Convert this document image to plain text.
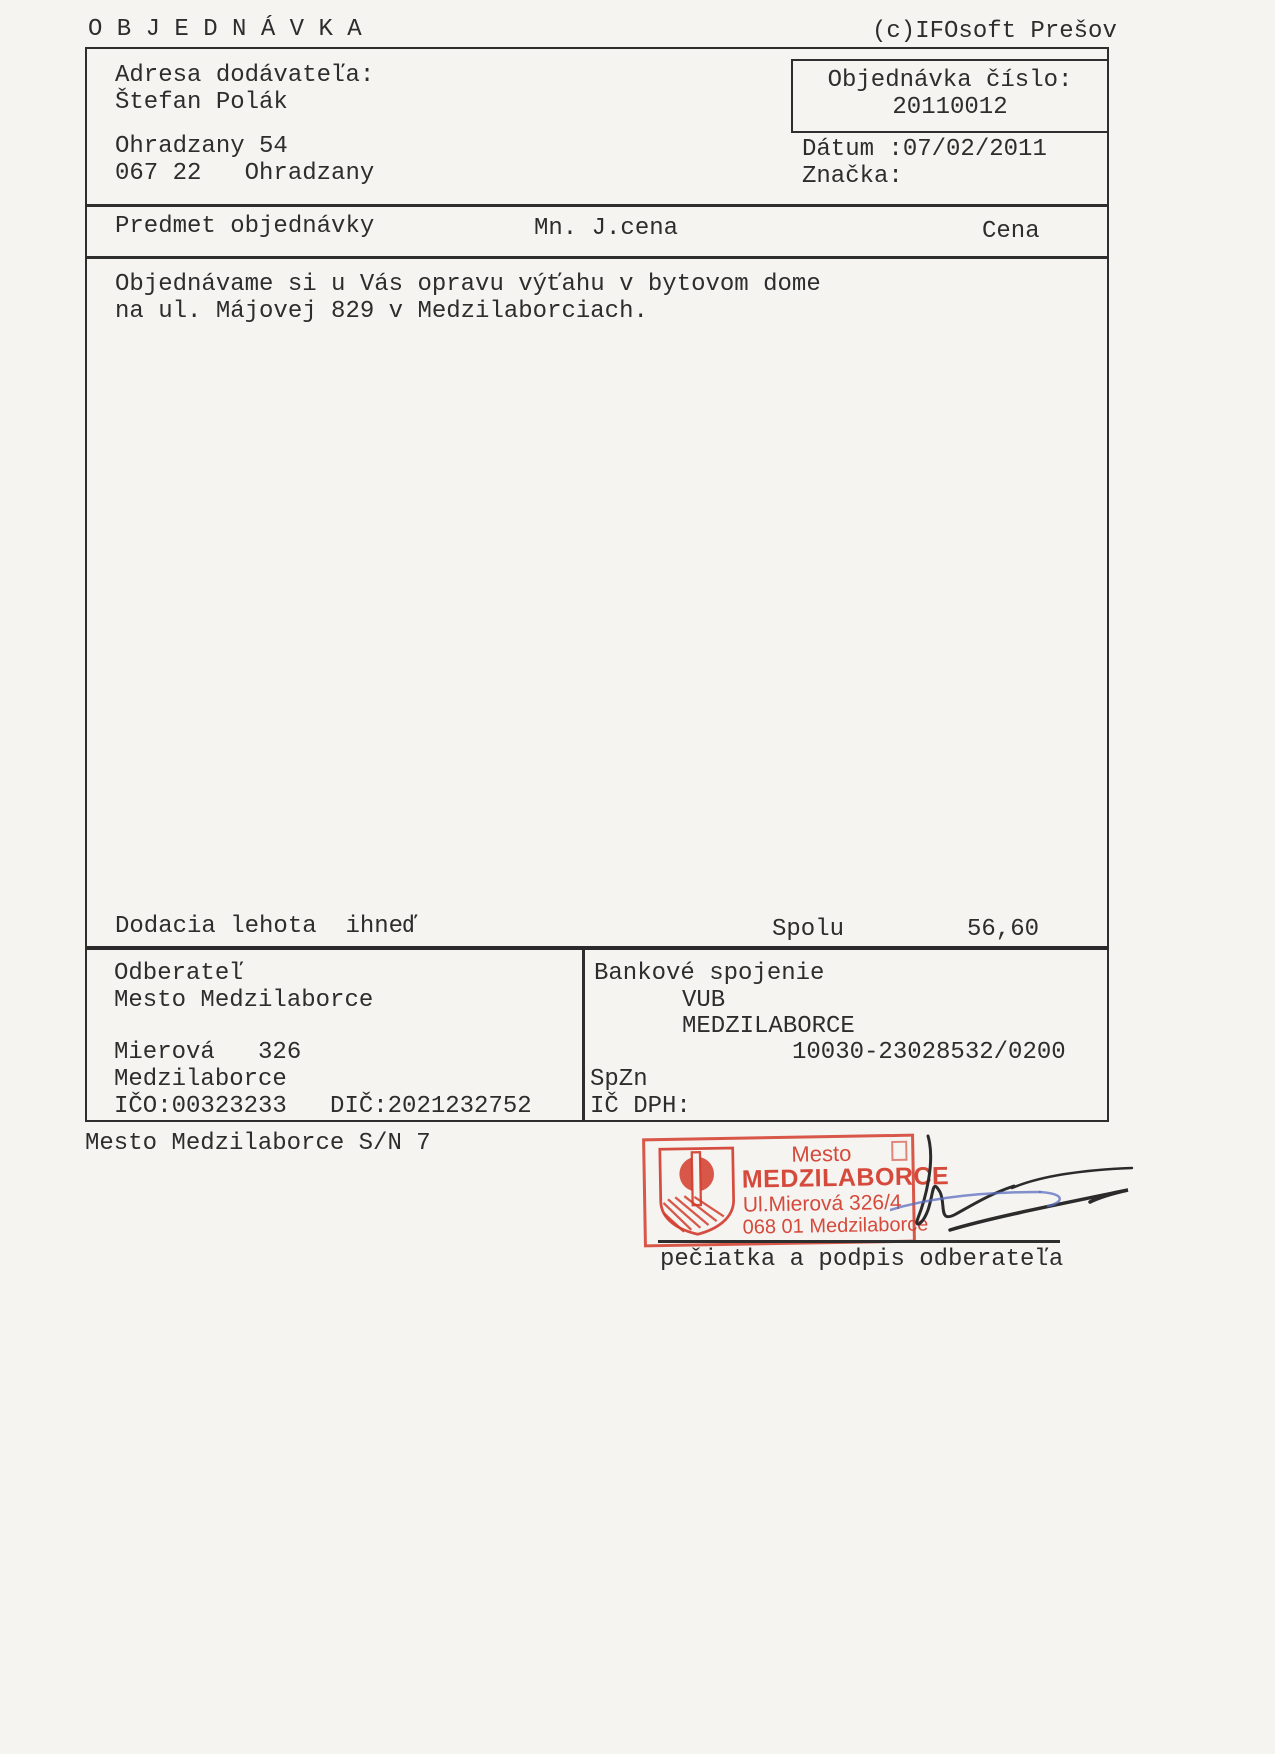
O B J E D N Á V K A	(c)IFOsoft Prešov
Adresa dodávateľa:
Štefan Polák
Ohradzany 54
067 22   Ohradzany
Objednávka číslo:
20110012
Dátum :07/02/2011
Značka:
Predmet objednávky	Mn. J.cena	Cena
Objednávame si u Vás opravu výťahu v bytovom dome
na ul. Májovej 829 v Medzilaborciach.
Dodacia lehota  ihneď	Spolu	56,60
Odberateľ
Mesto Medzilaborce
Mierová   326
Medzilaborce
IČO:00323233   DIČ:2021232752
Bankové spojenie
VUB
MEDZILABORCE
10030-23028532/0200
SpZn
IČ DPH:
Mesto Medzilaborce S/N 7	Mesto
MEDZILABORCE
Ul.Mierová 326/4
068 01 Medzilaborce
pečiatka a podpis odberateľa
